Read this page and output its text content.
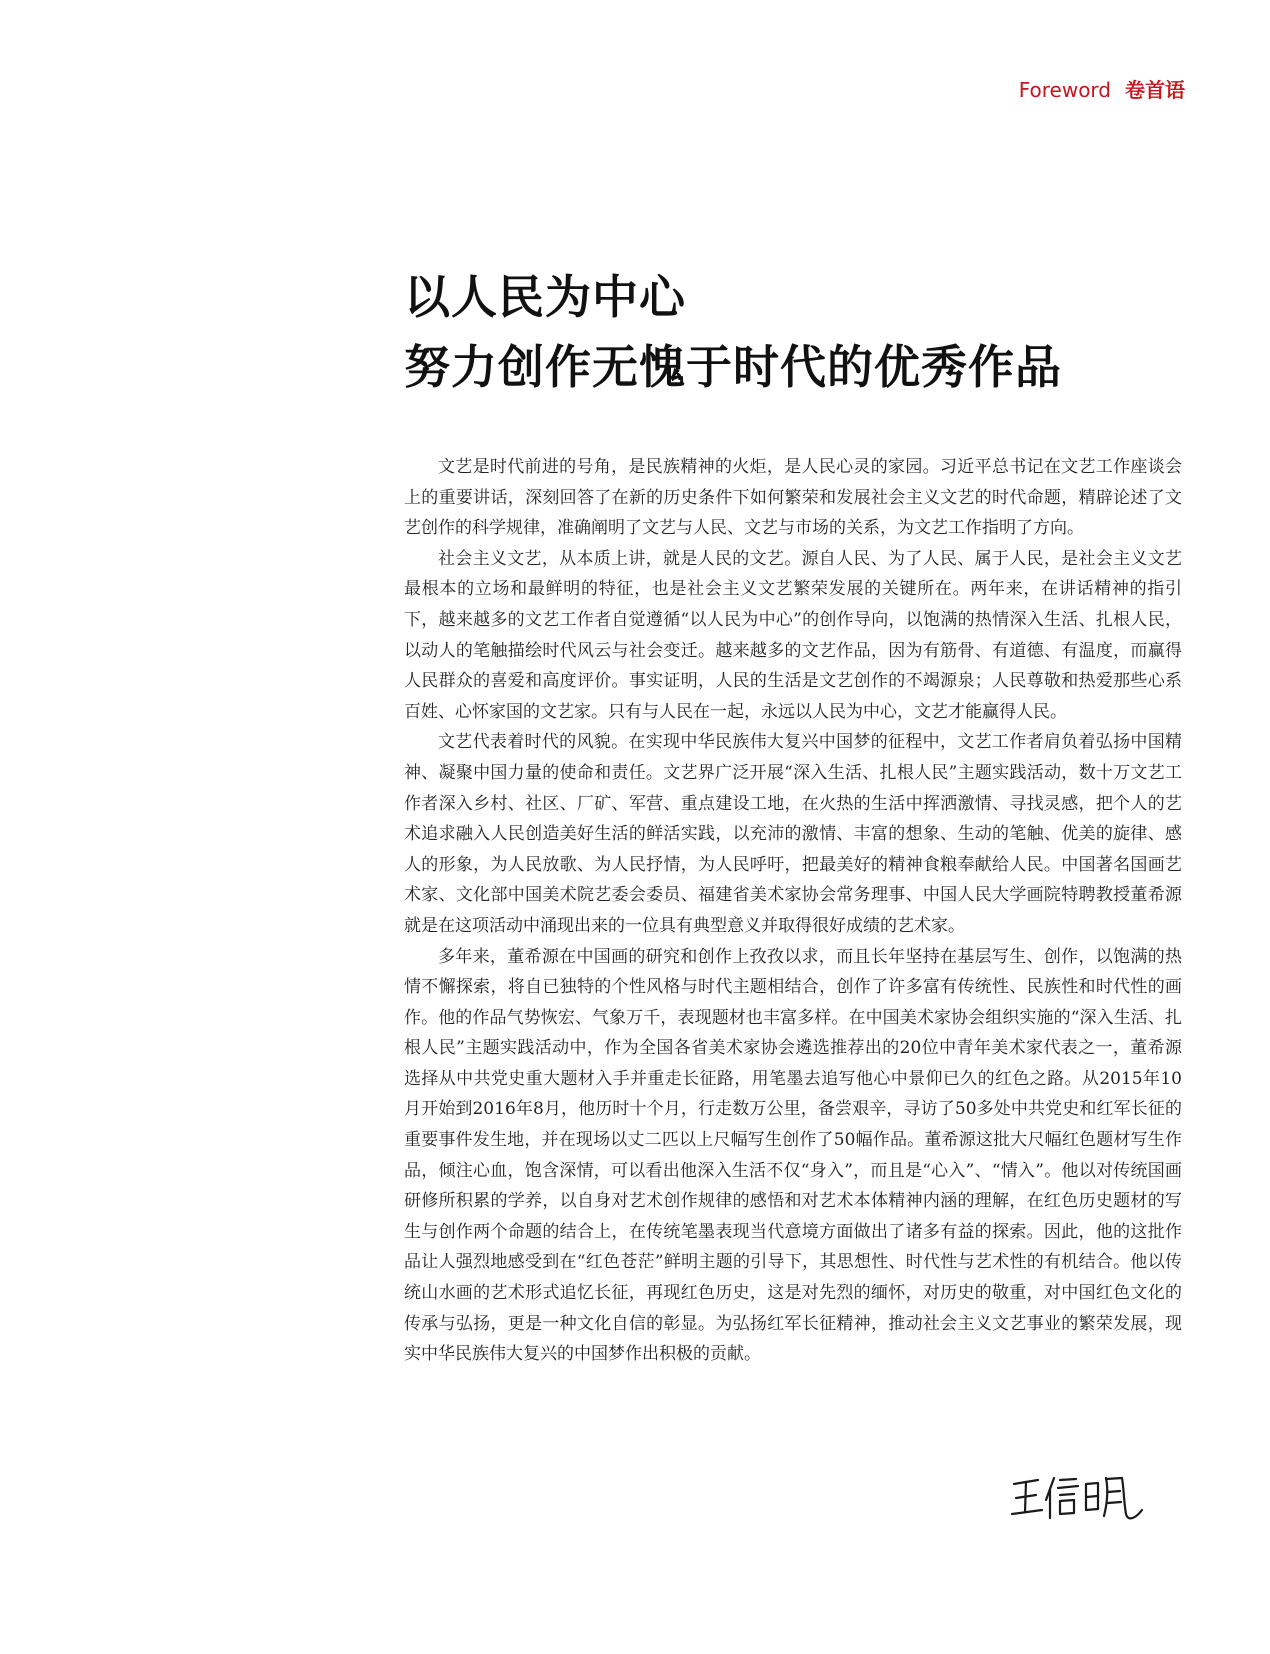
Foreword 卷首语
以人民为中心
努力创作无愧于时代的优秀作品

文艺是时代前进的号角，是民族精神的火炬，是人民心灵的家园。习近平总书记在文艺工作座谈会上的重要讲话，深刻回答了在新的历史条件下如何繁荣和发展社会主义文艺的时代命题，精辟论述了文艺创作的科学规律，准确阐明了文艺与人民、文艺与市场的关系，为文艺工作指明了方向。

社会主义文艺，从本质上讲，就是人民的文艺。源自人民、为了人民、属于人民，是社会主义文艺最根本的立场和最鲜明的特征，也是社会主义文艺繁荣发展的关键所在。两年来，在讲话精神的指引下，越来越多的文艺工作者自觉遵循“以人民为中心”的创作导向，以饱满的热情深入生活、扎根人民，以动人的笔触描绘时代风云与社会变迁。越来越多的文艺作品，因为有筋骨、有道德、有温度，而赢得人民群众的喜爱和高度评价。事实证明，人民的生活是文艺创作的不竭源泉；人民尊敬和热爱那些心系百姓、心怀家国的文艺家。只有与人民在一起，永远以人民为中心，文艺才能赢得人民。

文艺代表着时代的风貌。在实现中华民族伟大复兴中国梦的征程中，文艺工作者肩负着弘扬中国精神、凝聚中国力量的使命和责任。文艺界广泛开展“深入生活、扎根人民”主题实践活动，数十万文艺工作者深入乡村、社区、厂矿、军营、重点建设工地，在火热的生活中挥洒激情、寻找灵感，把个人的艺术追求融入人民创造美好生活的鲜活实践，以充沛的激情、丰富的想象、生动的笔触、优美的旋律、感人的形象，为人民放歌、为人民抒情，为人民呼吁，把最美好的精神食粮奉献给人民。中国著名国画艺术家、文化部中国美术院艺委会委员、福建省美术家协会常务理事、中国人民大学画院特聘教授董希源就是在这项活动中涌现出来的一位具有典型意义并取得很好成绩的艺术家。

多年来，董希源在中国画的研究和创作上孜孜以求，而且长年坚持在基层写生、创作，以饱满的热情不懈探索，将自已独特的个性风格与时代主题相结合，创作了许多富有传统性、民族性和时代性的画作。他的作品气势恢宏、气象万千，表现题材也丰富多样。在中国美术家协会组织实施的“深入生活、扎根人民”主题实践活动中，作为全国各省美术家协会遴选推荐出的20位中青年美术家代表之一，董希源选择从中共党史重大题材入手并重走长征路，用笔墨去追写他心中景仰已久的红色之路。从2015年10月开始到2016年8月，他历时十个月，行走数万公里，备尝艰辛，寻访了50多处中共党史和红军长征的重要事件发生地，并在现场以丈二匹以上尺幅写生创作了50幅作品。董希源这批大尺幅红色题材写生作品，倾注心血，饱含深情，可以看出他深入生活不仅“身入”，而且是“心入”、“情入”。他以对传统国画研修所积累的学养，以自身对艺术创作规律的感悟和对艺术本体精神内涵的理解，在红色历史题材的写生与创作两个命题的结合上，在传统笔墨表现当代意境方面做出了诸多有益的探索。因此，他的这批作品让人强烈地感受到在“红色苍茫”鲜明主题的引导下，其思想性、时代性与艺术性的有机结合。他以传统山水画的艺术形式追忆长征，再现红色历史，这是对先烈的缅怀，对历史的敬重，对中国红色文化的传承与弘扬，更是一种文化自信的彰显。为弘扬红军长征精神，推动社会主义文艺事业的繁荣发展，现实中华民族伟大复兴的中国梦作出积极的贡献。
